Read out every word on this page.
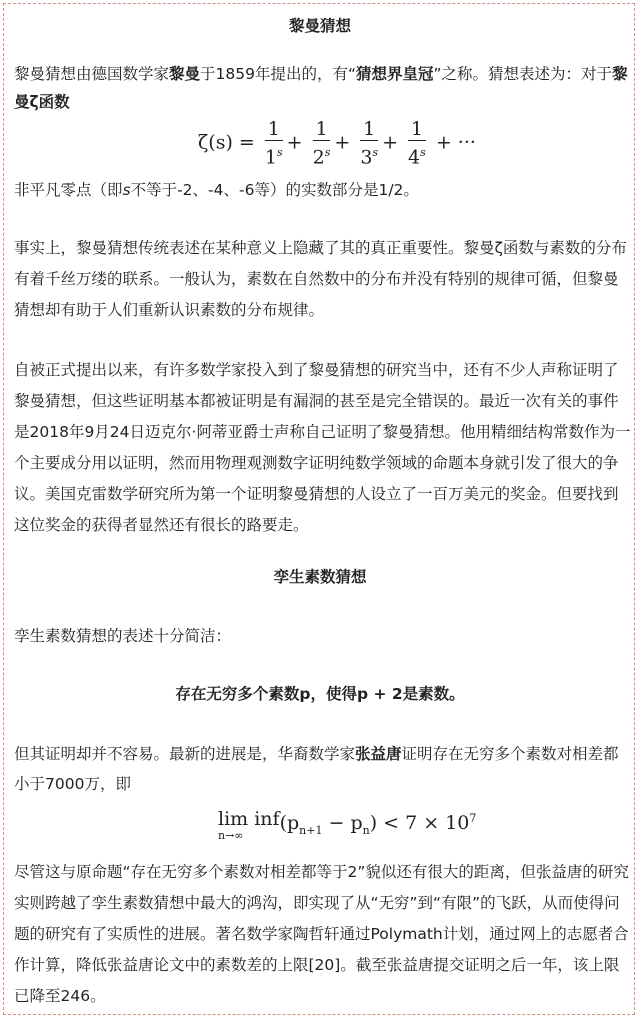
黎曼猜想
黎曼猜想由德国数学家黎曼于1859年提出的，有“猜想界皇冠”之称。猜想表述为：对于黎
曼ζ函数
$\zeta(s) = \frac{1}{1^s} + \frac{1}{2^s} + \frac{1}{3^s} + \frac{1}{4^s}$ + ···
非平凡零点（即s不等于-2、-4、-6等）的实数部分是1/2。
事实上，黎曼猜想传统表述在某种意义上隐藏了其的真正重要性。黎曼ζ函数与素数的分布
有着千丝万缕的联系。一般认为，素数在自然数中的分布并没有特别的规律可循，但黎曼
猜想却有助于人们重新认识素数的分布规律。
自被正式提出以来，有许多数学家投入到了黎曼猜想的研究当中，还有不少人声称证明了
黎曼猜想，但这些证明基本都被证明是有漏洞的甚至是完全错误的。最近一次有关的事件
是2018年9月24日迈克尔·阿蒂亚爵士声称自己证明了黎曼猜想。他用精细结构常数作为一
个主要成分用以证明，然而用物理观测数字证明纯数学领域的命题本身就引发了很大的争
议。美国克雷数学研究所为第一个证明黎曼猜想的人设立了一百万美元的奖金。但要找到
这位奖金的获得者显然还有很长的路要走。
孪生素数猜想
孪生素数猜想的表述十分简洁：
存在无穷多个素数p，使得p + 2是素数。
但其证明却并不容易。最新的进展是，华裔数学家张益唐证明存在无穷多个素数对相差都
小于7000万，即
lim inf
n→∞
$(p_{n+1} - p_n) < 7 \times 10^7$
尽管这与原命题“存在无穷多个素数对相差都等于2”貌似还有很大的距离，但张益唐的研究
实则跨越了孪生素数猜想中最大的鸿沟，即实现了从“无穷”到“有限”的飞跃，从而使得问
题的研究有了实质性的进展。著名数学家陶哲轩通过Polymath计划，通过网上的志愿者合
作计算，降低张益唐论文中的素数差的上限[20]。截至张益唐提交证明之后一年，该上限
已降至246。
